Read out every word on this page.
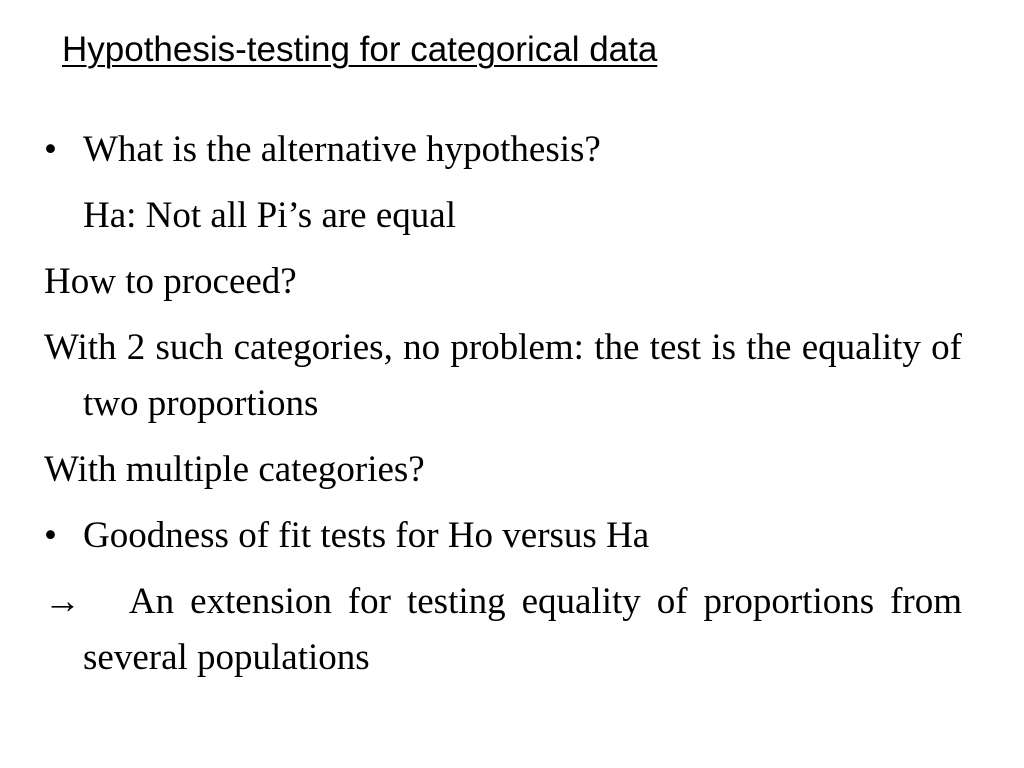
Hypothesis-testing for categorical data
• What is the alternative hypothesis?
Ha: Not all Pi’s are equal
How to proceed?
With 2 such categories, no problem: the test is the equality of two proportions
With multiple categories?
• Goodness of fit tests for Ho versus Ha
→ An extension for testing equality of proportions from several populations
